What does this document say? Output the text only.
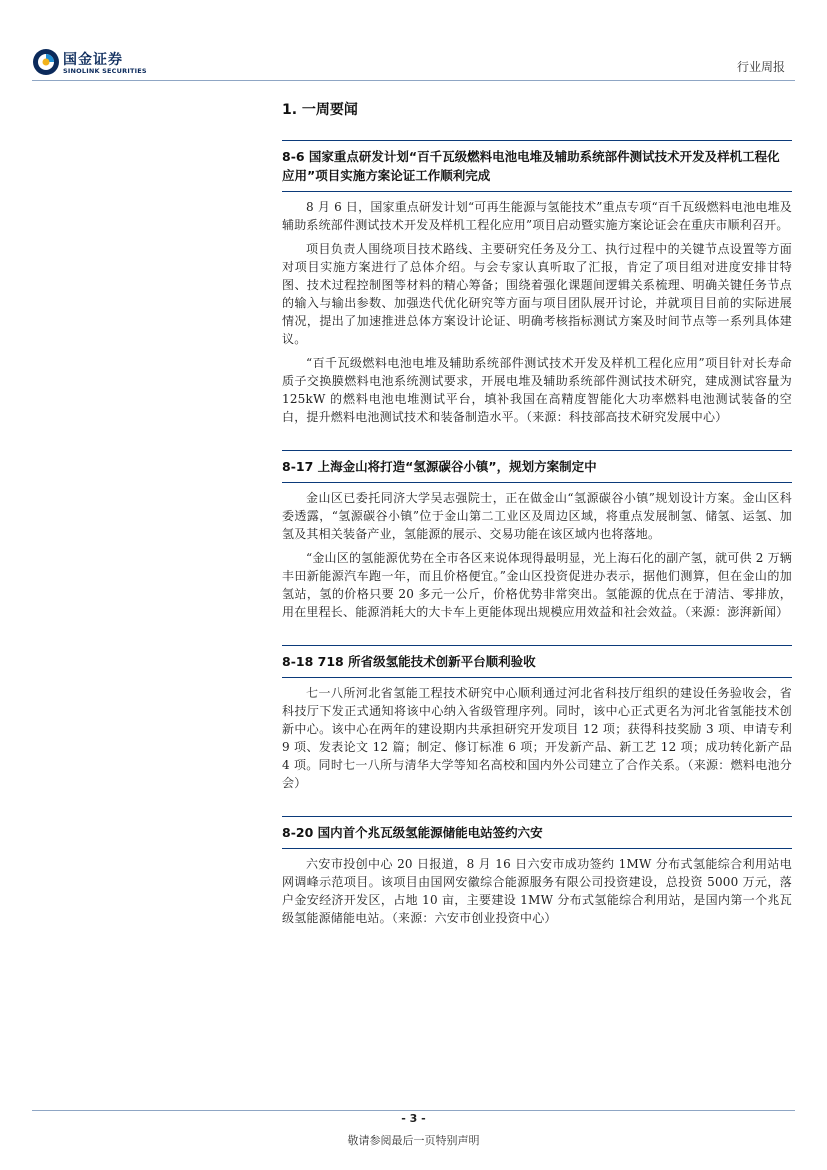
国金证券
SINOLINK SECURITIES	行业周报
1. 一周要闻
8-6 国家重点研发计划“百千瓦级燃料电池电堆及辅助系统部件测试技术开发及样机工程化应用”项目实施方案论证工作顺利完成

8 月 6 日，国家重点研发计划“可再生能源与氢能技术”重点专项“百千瓦级燃料电池电堆及辅助系统部件测试技术开发及样机工程化应用”项目启动暨实施方案论证会在重庆市顺利召开。

项目负责人围绕项目技术路线、主要研究任务及分工、执行过程中的关键节点设置等方面对项目实施方案进行了总体介绍。与会专家认真听取了汇报，肯定了项目组对进度安排甘特图、技术过程控制图等材料的精心筹备；围绕着强化课题间逻辑关系梳理、明确关键任务节点的输入与输出参数、加强迭代优化研究等方面与项目团队展开讨论，并就项目目前的实际进展情况，提出了加速推进总体方案设计论证、明确考核指标测试方案及时间节点等一系列具体建议。

“百千瓦级燃料电池电堆及辅助系统部件测试技术开发及样机工程化应用”项目针对长寿命质子交换膜燃料电池系统测试要求，开展电堆及辅助系统部件测试技术研究，建成测试容量为 125kW 的燃料电池电堆测试平台，填补我国在高精度智能化大功率燃料电池测试装备的空白，提升燃料电池测试技术和装备制造水平。（来源：科技部高技术研究发展中心）

8-17 上海金山将打造“氢源碳谷小镇”，规划方案制定中

金山区已委托同济大学吴志强院士，正在做金山“氢源碳谷小镇”规划设计方案。金山区科委透露，“氢源碳谷小镇”位于金山第二工业区及周边区域，将重点发展制氢、储氢、运氢、加氢及其相关装备产业，氢能源的展示、交易功能在该区域内也将落地。

“金山区的氢能源优势在全市各区来说体现得最明显，光上海石化的副产氢，就可供 2 万辆丰田新能源汽车跑一年，而且价格便宜。”金山区投资促进办表示，据他们测算，但在金山的加氢站，氢的价格只要 20 多元一公斤，价格优势非常突出。氢能源的优点在于清洁、零排放，用在里程长、能源消耗大的大卡车上更能体现出规模应用效益和社会效益。（来源：澎湃新闻）

8-18 718 所省级氢能技术创新平台顺利验收

七一八所河北省氢能工程技术研究中心顺利通过河北省科技厅组织的建设任务验收会，省科技厅下发正式通知将该中心纳入省级管理序列。同时，该中心正式更名为河北省氢能技术创新中心。该中心在两年的建设期内共承担研究开发项目 12 项；获得科技奖励 3 项、申请专利 9 项、发表论文 12 篇；制定、修订标准 6 项；开发新产品、新工艺 12 项；成功转化新产品 4 项。同时七一八所与清华大学等知名高校和国内外公司建立了合作关系。（来源：燃料电池分会）

8-20 国内首个兆瓦级氢能源储能电站签约六安

六安市投创中心 20 日报道，8 月 16 日六安市成功签约 1MW 分布式氢能综合利用站电网调峰示范项目。该项目由国网安徽综合能源服务有限公司投资建设，总投资 5000 万元，落户金安经济开发区，占地 10 亩，主要建设 1MW 分布式氢能综合利用站，是国内第一个兆瓦级氢能源储能电站。（来源：六安市创业投资中心）

- 3 -
敬请参阅最后一页特别声明
